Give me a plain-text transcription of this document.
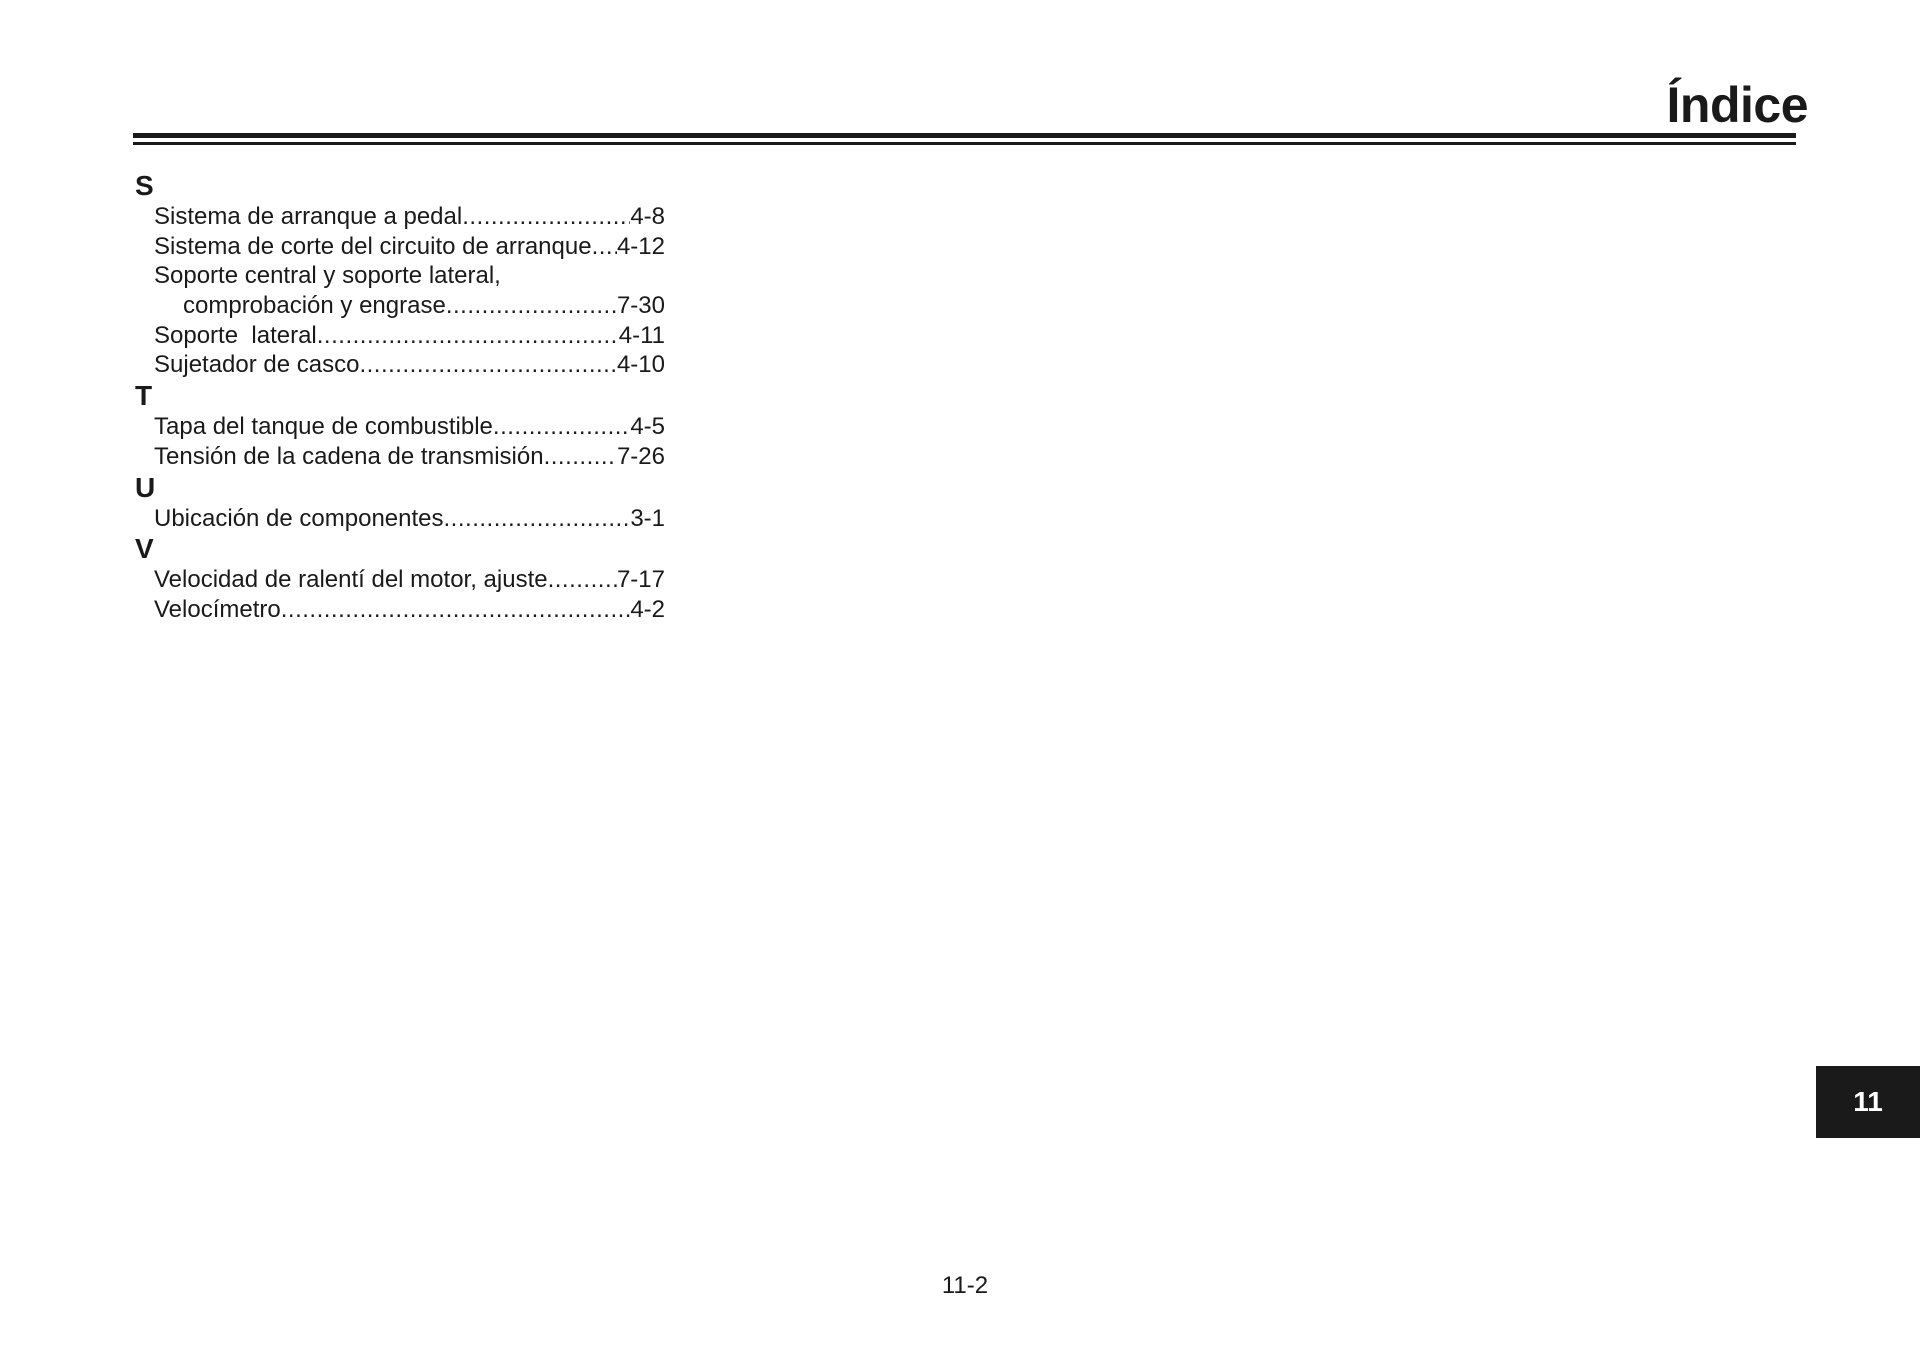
Índice
S
Sistema de arranque a pedal .....	4-8
Sistema de corte del circuito de arranque ..... 4-12
Soporte central y soporte lateral,
comprobación y engrase .....	7-30
Soporte  lateral .....	4-11
Sujetador de casco .....	4-10
T
Tapa del tanque de combustible .....	4-5
Tensión de la cadena de transmisión .....	7-26
U
Ubicación de componentes .....	3-1
V
Velocidad de ralentí del motor, ajuste .....	7-17
Velocímetro .....	4-2
11
11-2
